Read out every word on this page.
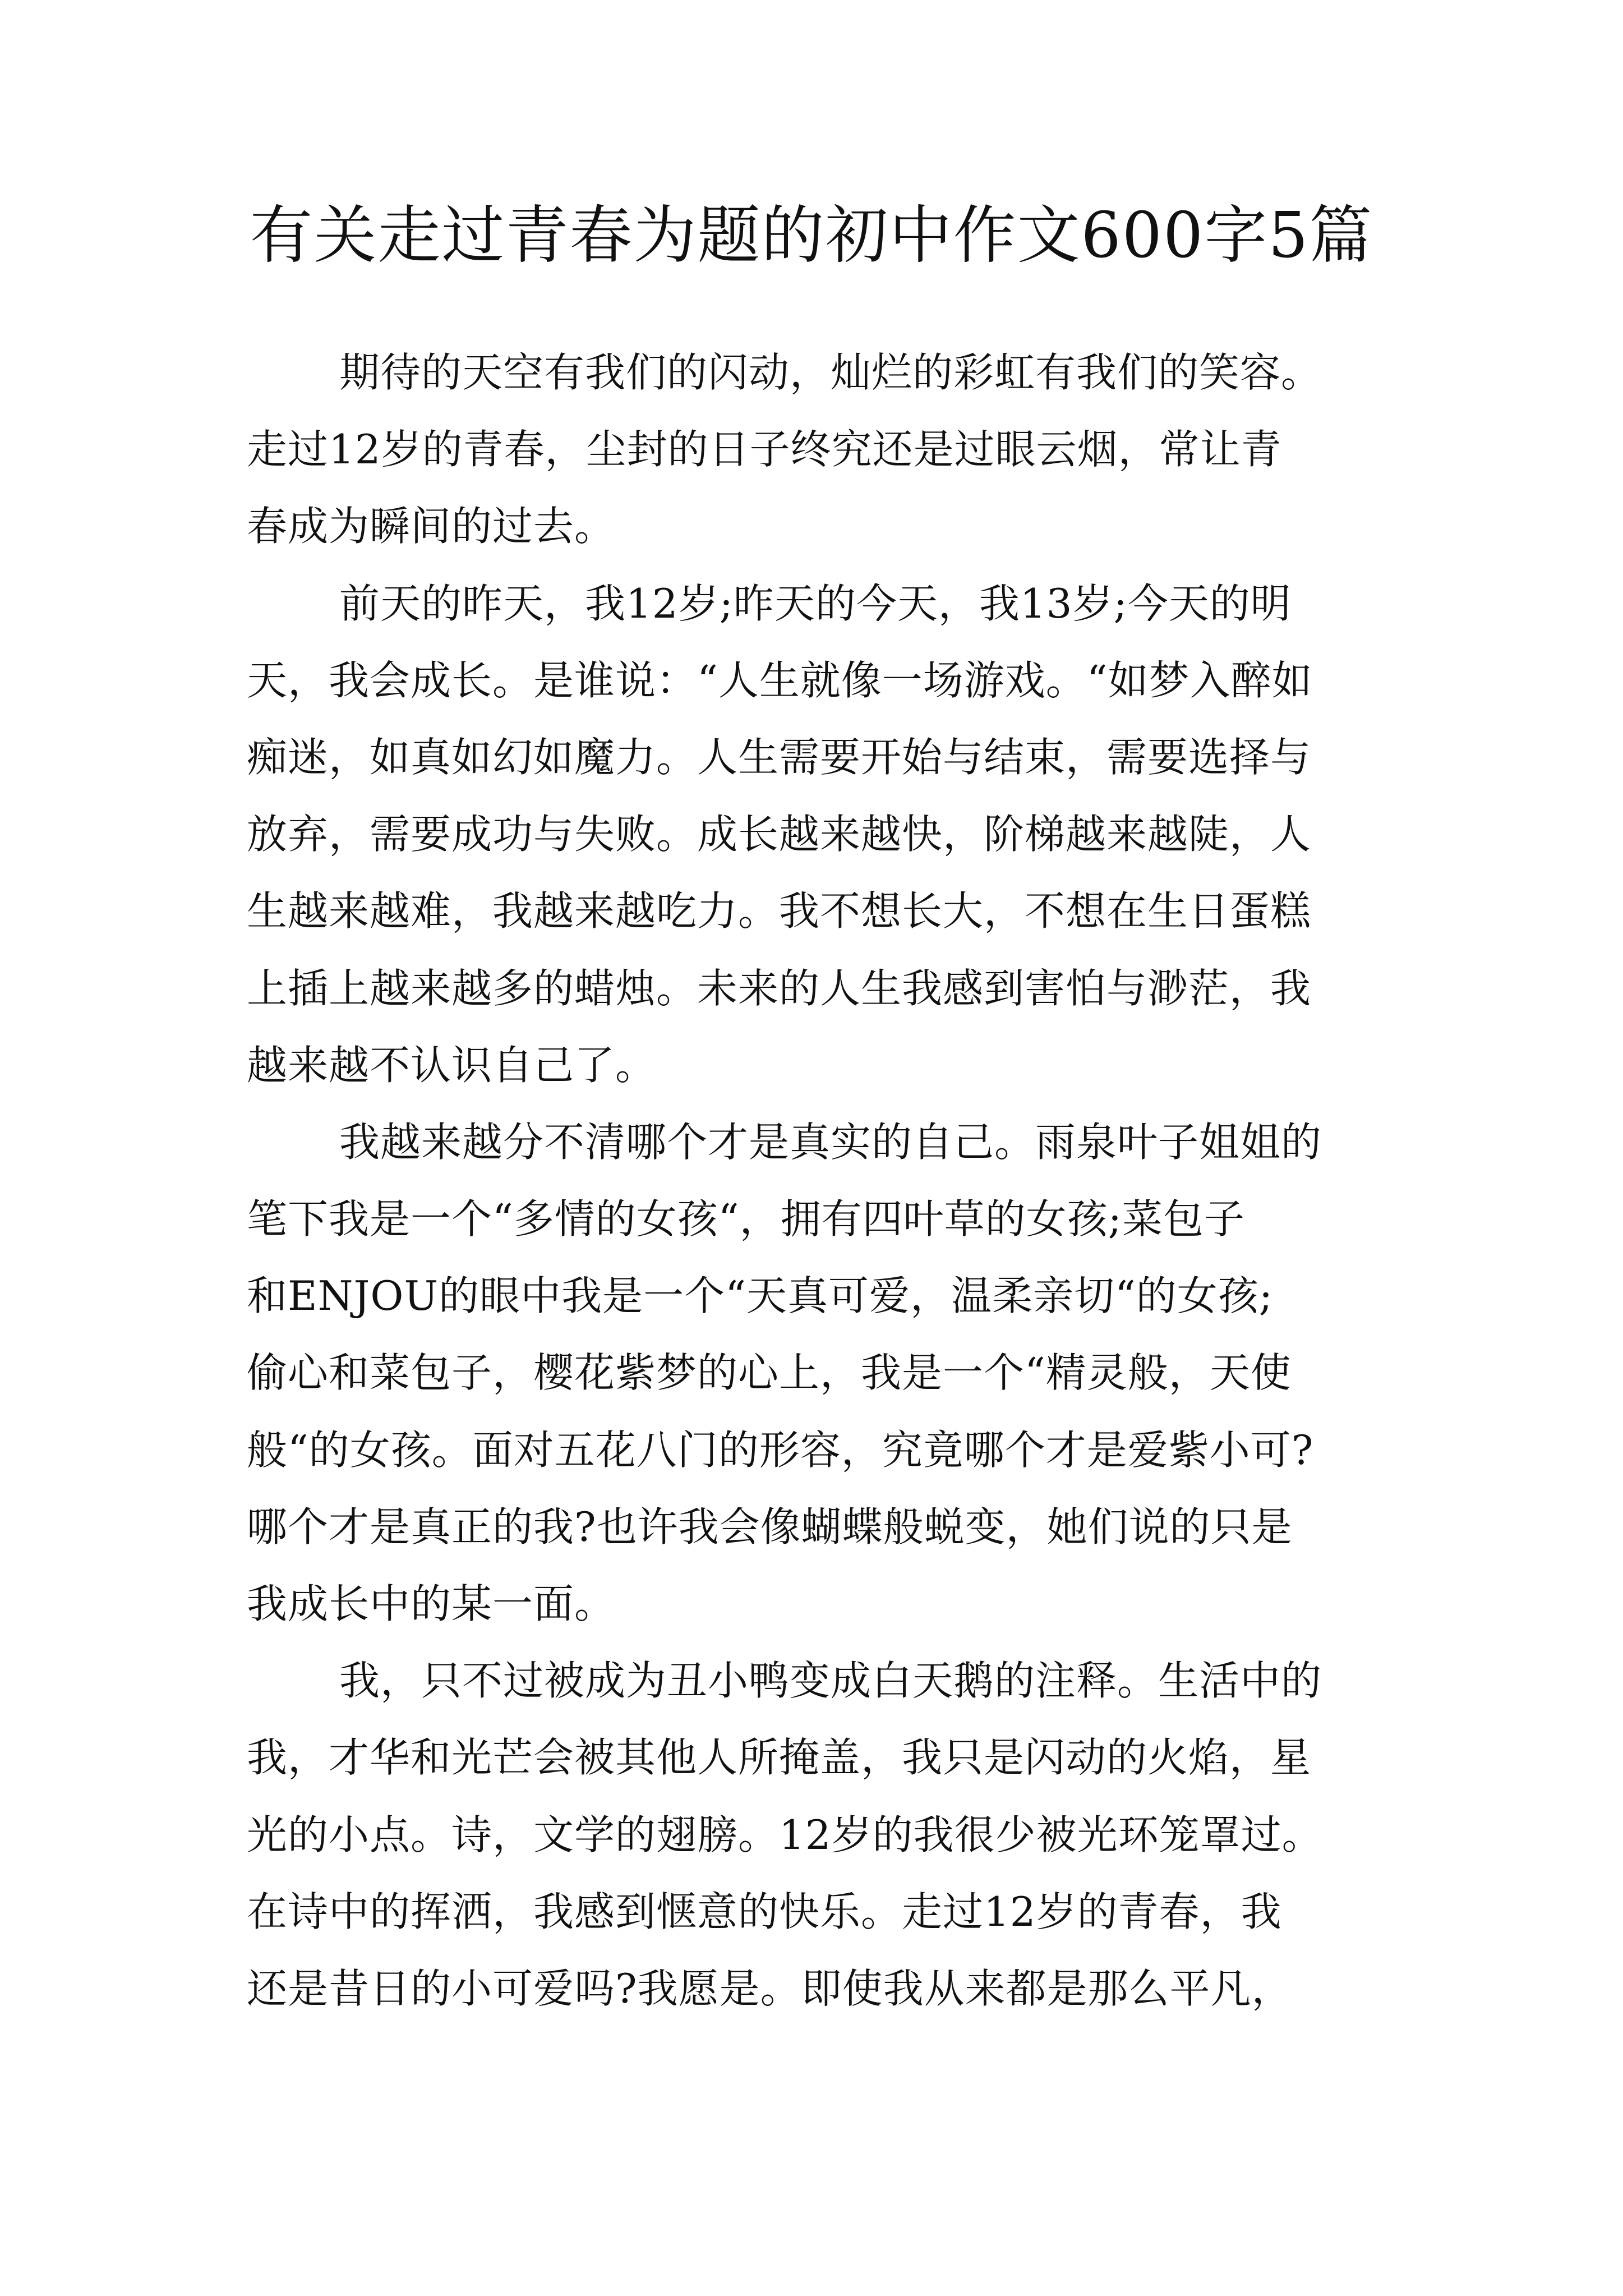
有关走过青春为题的初中作文600字5篇
期待的天空有我们的闪动，灿烂的彩虹有我们的笑容。
走过12岁的青春，尘封的日子终究还是过眼云烟，常让青
春成为瞬间的过去。
前天的昨天，我12岁;昨天的今天，我13岁;今天的明
天，我会成长。是谁说：“人生就像一场游戏。“如梦入醉如
痴迷，如真如幻如魔力。人生需要开始与结束，需要选择与
放弃，需要成功与失败。成长越来越快，阶梯越来越陡，人
生越来越难，我越来越吃力。我不想长大，不想在生日蛋糕
上插上越来越多的蜡烛。未来的人生我感到害怕与渺茫，我
越来越不认识自己了。
我越来越分不清哪个才是真实的自己。雨泉叶子姐姐的
笔下我是一个“多情的女孩“，拥有四叶草的女孩;菜包子
和ENJOU的眼中我是一个“天真可爱，温柔亲切“的女孩;
偷心和菜包子，樱花紫梦的心上，我是一个“精灵般，天使
般“的女孩。面对五花八门的形容，究竟哪个才是爱紫小可?
哪个才是真正的我?也许我会像蝴蝶般蜕变，她们说的只是
我成长中的某一面。
我，只不过被成为丑小鸭变成白天鹅的注释。生活中的
我，才华和光芒会被其他人所掩盖，我只是闪动的火焰，星
光的小点。诗，文学的翅膀。12岁的我很少被光环笼罩过。
在诗中的挥洒，我感到惬意的快乐。走过12岁的青春，我
还是昔日的小可爱吗?我愿是。即使我从来都是那么平凡，
